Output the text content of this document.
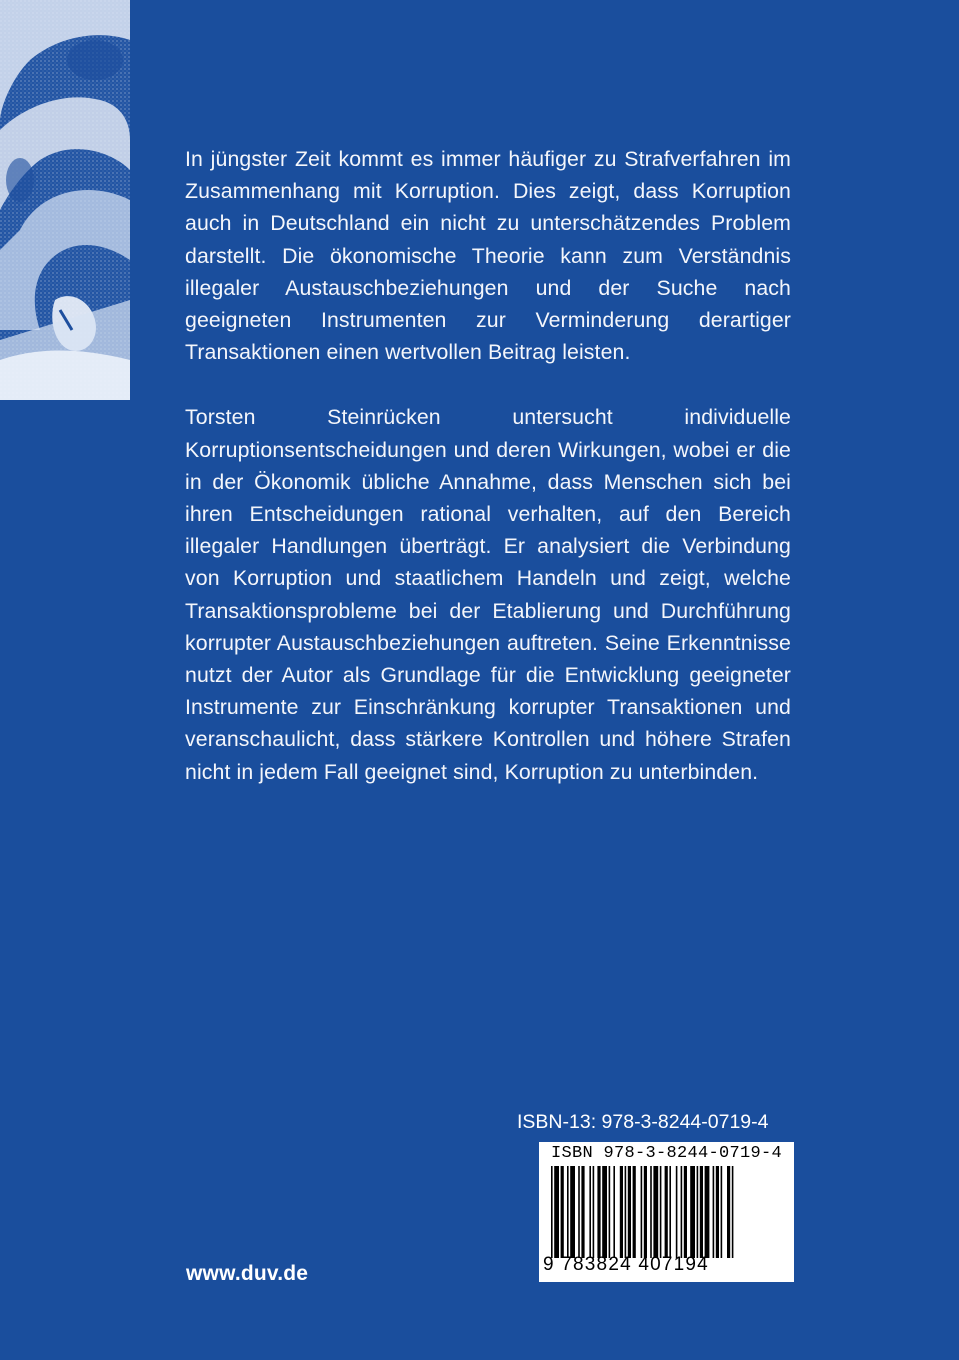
In jüngster Zeit kommt es immer häufiger zu Strafverfahren im Zusammenhang mit Korruption. Dies zeigt, dass Korruption auch in Deutschland ein nicht zu unterschätzendes Problem darstellt. Die ökonomische Theorie kann zum Verständnis illegaler Austauschbeziehungen und der Suche nach geeigneten Instrumenten zur Verminderung derartiger Transaktionen einen wertvollen Beitrag leisten.

Torsten Steinrücken untersucht individuelle Korruptionsentscheidungen und deren Wirkungen, wobei er die in der Ökonomik übliche Annahme, dass Menschen sich bei ihren Entscheidungen rational verhalten, auf den Bereich illegaler Handlungen überträgt. Er analysiert die Verbindung von Korruption und staatlichem Handeln und zeigt, welche Transaktionsprobleme bei der Etablierung und Durchführung korrupter Austauschbeziehungen auftreten. Seine Erkenntnisse nutzt der Autor als Grundlage für die Entwicklung geeigneter Instrumente zur Einschränkung korrupter Transaktionen und veranschaulicht, dass stärkere Kontrollen und höhere Strafen nicht in jedem Fall geeignet sind, Korruption zu unterbinden.

ISBN-13: 978-3-8244-0719-4
ISBN 978-3-8244-0719-4
9 783824 407194
www.duv.de
